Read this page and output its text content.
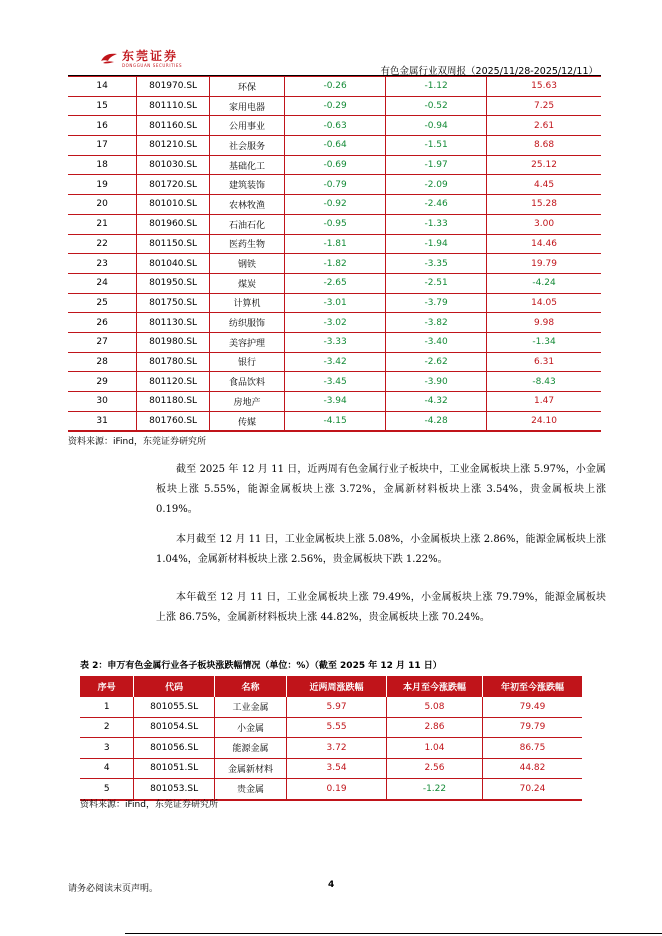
东莞证券
DONGGUAN SECURITIES
有色金属行业双周报（2025/11/28-2025/12/11）
14	801970.SL	环保	-0.26	-1.12	15.63
15	801110.SL	家用电器	-0.29	-0.52	7.25
16	801160.SL	公用事业	-0.63	-0.94	2.61
17	801210.SL	社会服务	-0.64	-1.51	8.68
18	801030.SL	基础化工	-0.69	-1.97	25.12
19	801720.SL	建筑装饰	-0.79	-2.09	4.45
20	801010.SL	农林牧渔	-0.92	-2.46	15.28
21	801960.SL	石油石化	-0.95	-1.33	3.00
22	801150.SL	医药生物	-1.81	-1.94	14.46
23	801040.SL	钢铁	-1.82	-3.35	19.79
24	801950.SL	煤炭	-2.65	-2.51	-4.24
25	801750.SL	计算机	-3.01	-3.79	14.05
26	801130.SL	纺织服饰	-3.02	-3.82	9.98
27	801980.SL	美容护理	-3.33	-3.40	-1.34
28	801780.SL	银行	-3.42	-2.62	6.31
29	801120.SL	食品饮料	-3.45	-3.90	-8.43
30	801180.SL	房地产	-3.94	-4.32	1.47
31	801760.SL	传媒	-4.15	-4.28	24.10
资料来源：iFind，东莞证券研究所
截至 2025 年 12 月 11 日，近两周有色金属行业子板块中，工业金属板块上涨 5.97%，小金属板块上涨 5.55%，能源金属板块上涨 3.72%，金属新材料板块上涨 3.54%，贵金属板块上涨 0.19%。
本月截至 12 月 11 日，工业金属板块上涨 5.08%，小金属板块上涨 2.86%，能源金属板块上涨 1.04%，金属新材料板块上涨 2.56%，贵金属板块下跌 1.22%。
本年截至 12 月 11 日，工业金属板块上涨 79.49%，小金属板块上涨 79.79%，能源金属板块上涨 86.75%，金属新材料板块上涨 44.82%，贵金属板块上涨 70.24%。
表 2：申万有色金属行业各子板块涨跌幅情况（单位：%）（截至 2025 年 12 月 11 日）
序号	代码	名称	近两周涨跌幅	本月至今涨跌幅	年初至今涨跌幅
1	801055.SL	工业金属	5.97	5.08	79.49
2	801054.SL	小金属	5.55	2.86	79.79
3	801056.SL	能源金属	3.72	1.04	86.75
4	801051.SL	金属新材料	3.54	2.56	44.82
5	801053.SL	贵金属	0.19	-1.22	70.24
资料来源：iFind，东莞证券研究所
请务必阅读末页声明。	4
